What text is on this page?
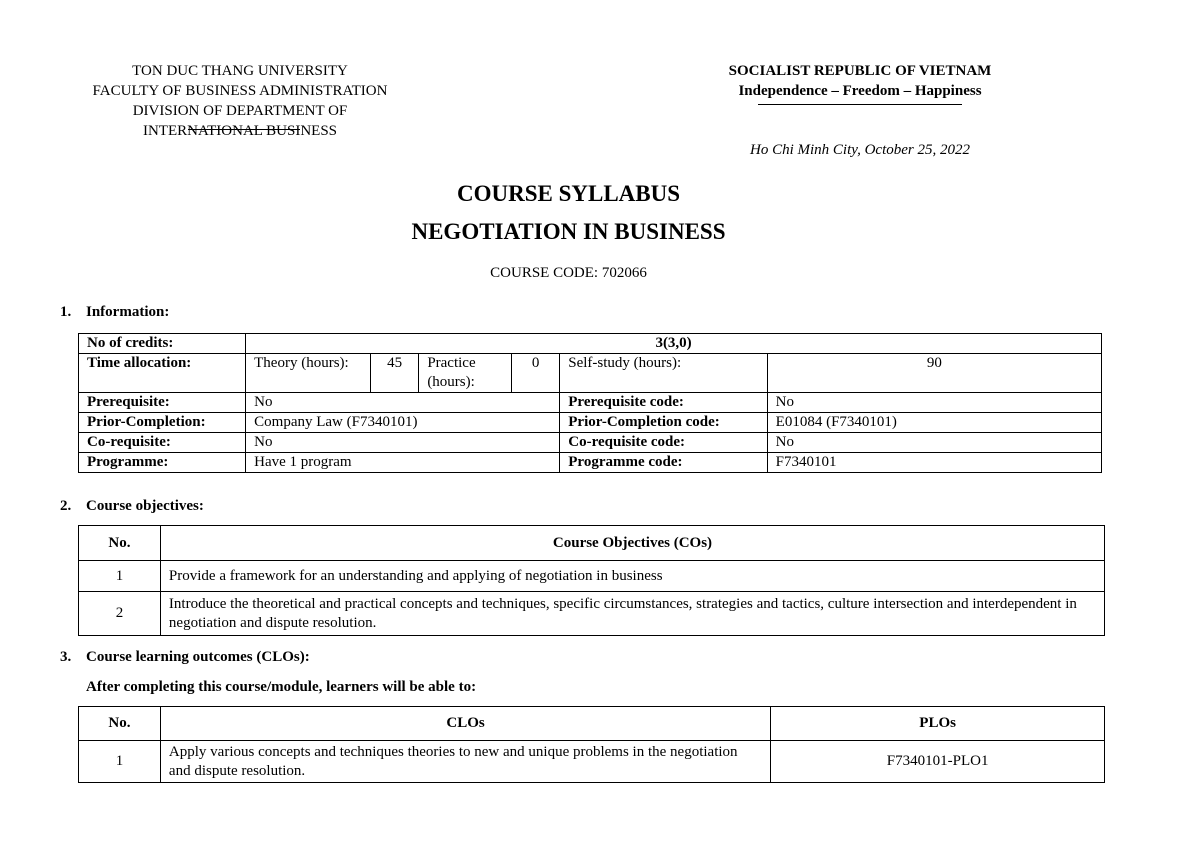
TON DUC THANG UNIVERSITY
FACULTY OF BUSINESS ADMINISTRATION
DIVISION OF DEPARTMENT OF
INTERNATIONAL BUSINESS
SOCIALIST REPUBLIC OF VIETNAM
Independence – Freedom – Happiness
Ho Chi Minh City, October 25, 2022
COURSE SYLLABUS
NEGOTIATION IN BUSINESS
COURSE CODE: 702066
1. Information:
No of credits:	3(3,0)					
Time allocation:	Theory (hours):	45	Practice (hours):	0	Self-study (hours):	90
Prerequisite:	No				Prerequisite code:	No
Prior-Completion:	Company Law (F7340101)				Prior-Completion code:	E01084 (F7340101)
Co-requisite:	No				Co-requisite code:	No
Programme:	Have 1 program				Programme code:	F7340101
2. Course objectives:
No.	Course Objectives (COs)
1	Provide a framework for an understanding and applying of negotiation in business
2	Introduce the theoretical and practical concepts and techniques, specific circumstances, strategies and tactics, culture intersection and interdependent in negotiation and dispute resolution.
3. Course learning outcomes (CLOs):
After completing this course/module, learners will be able to:
No.	CLOs	PLOs
1	Apply various concepts and techniques theories to new and unique problems in the negotiation and dispute resolution.	F7340101-PLO1
